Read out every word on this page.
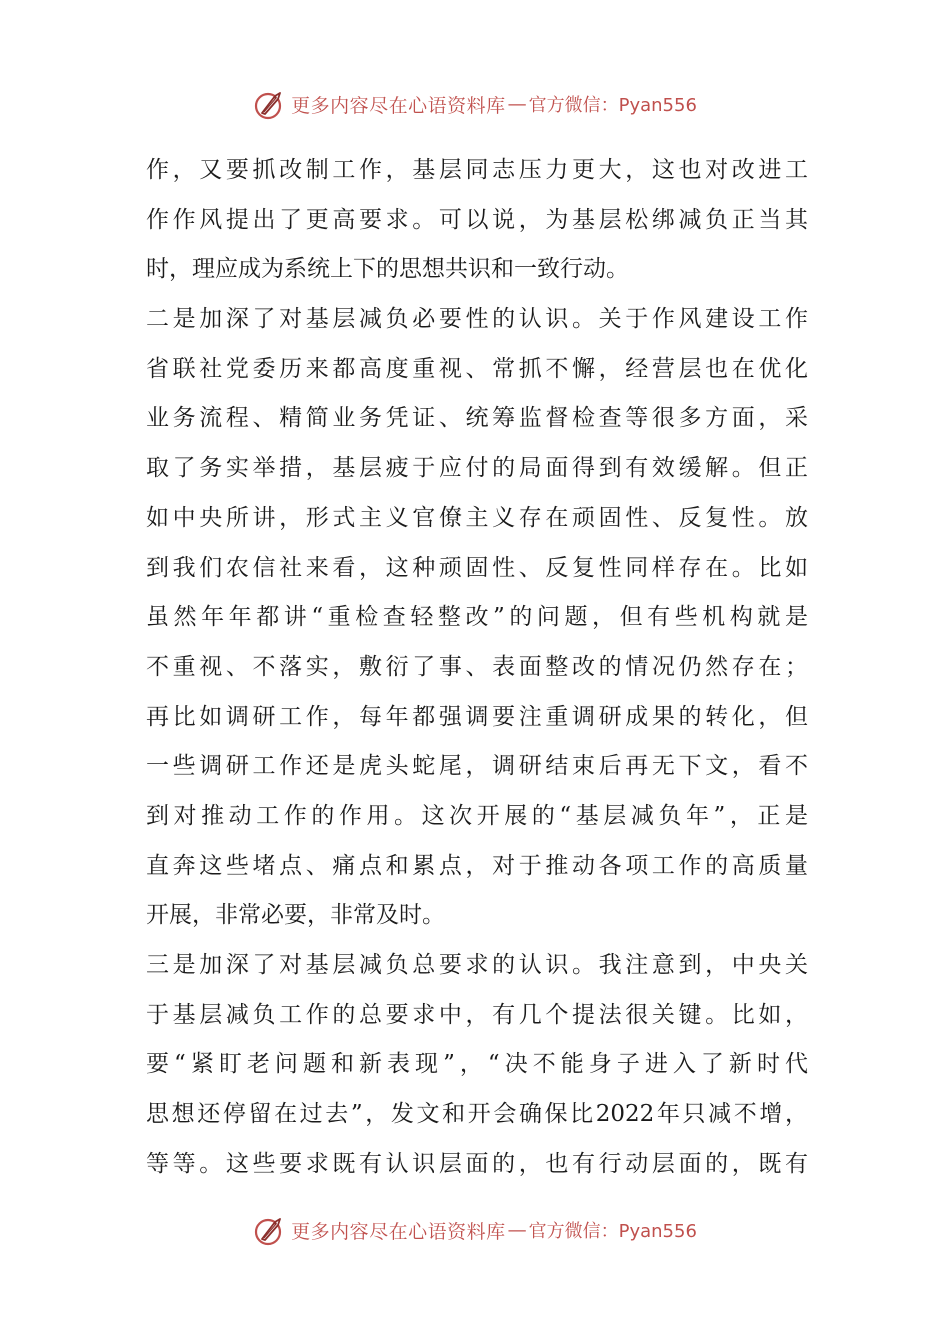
更多内容尽在心语资料库 — 官方微信：Pyan556
作，又要抓改制工作，基层同志压力更大，这也对改进工
作作风提出了更高要求。可以说，为基层松绑减负正当其
时，理应成为系统上下的思想共识和一致行动。
二是加深了对基层减负必要性的认识。关于作风建设工作
省联社党委历来都高度重视、常抓不懈，经营层也在优化
业务流程、精简业务凭证、统筹监督检查等很多方面，采
取了务实举措，基层疲于应付的局面得到有效缓解。但正
如中央所讲，形式主义官僚主义存在顽固性、反复性。放
到我们农信社来看，这种顽固性、反复性同样存在。比如
虽然年年都讲“重检查轻整改”的问题，但有些机构就是
不重视、不落实，敷衍了事、表面整改的情况仍然存在；
再比如调研工作，每年都强调要注重调研成果的转化，但
一些调研工作还是虎头蛇尾，调研结束后再无下文，看不
到对推动工作的作用。这次开展的“基层减负年”，正是
直奔这些堵点、痛点和累点，对于推动各项工作的高质量
开展，非常必要，非常及时。
三是加深了对基层减负总要求的认识。我注意到，中央关
于基层减负工作的总要求中，有几个提法很关键。比如，
要“紧盯老问题和新表现”，“决不能身子进入了新时代
思想还停留在过去”，发文和开会确保比2022年只减不增，
等等。这些要求既有认识层面的，也有行动层面的，既有
更多内容尽在心语资料库 — 官方微信：Pyan556
